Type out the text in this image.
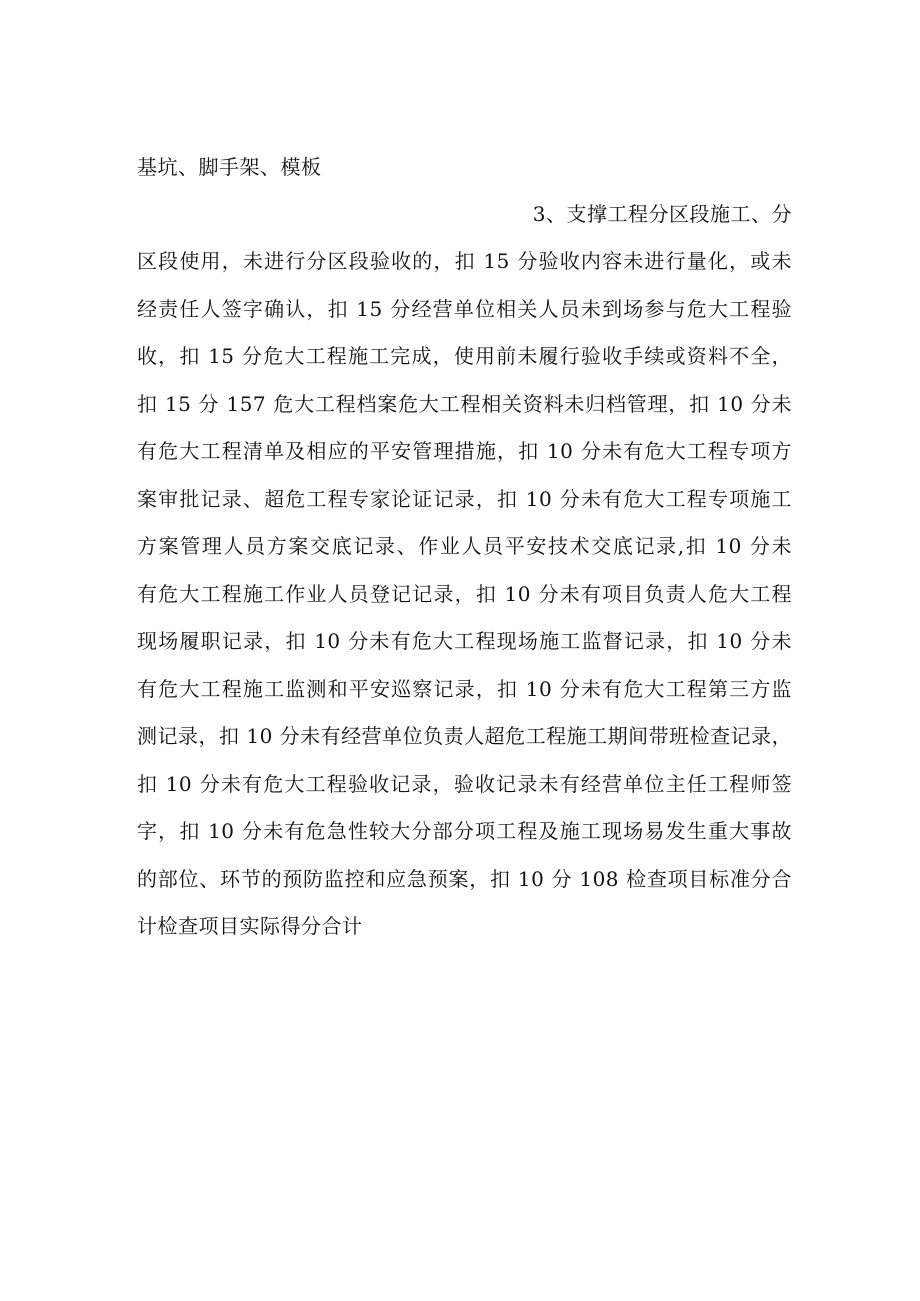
基坑、脚手架、模板
3、支撑工程分区段施工、分
区段使用，未进行分区段验收的，扣 15 分验收内容未进行量化，或未
经责任人签字确认，扣 15 分经营单位相关人员未到场参与危大工程验
收，扣 15 分危大工程施工完成，使用前未履行验收手续或资料不全，
扣 15 分 157 危大工程档案危大工程相关资料未归档管理，扣 10 分未
有危大工程清单及相应的平安管理措施，扣 10 分未有危大工程专项方
案审批记录、超危工程专家论证记录，扣 10 分未有危大工程专项施工
方案管理人员方案交底记录、作业人员平安技术交底记录,扣 10 分未
有危大工程施工作业人员登记记录，扣 10 分未有项目负责人危大工程
现场履职记录，扣 10 分未有危大工程现场施工监督记录，扣 10 分未
有危大工程施工监测和平安巡察记录，扣 10 分未有危大工程第三方监
测记录，扣 10 分未有经营单位负责人超危工程施工期间带班检查记录，
扣 10 分未有危大工程验收记录，验收记录未有经营单位主任工程师签
字，扣 10 分未有危急性较大分部分项工程及施工现场易发生重大事故
的部位、环节的预防监控和应急预案，扣 10 分 108 检查项目标准分合
计检查项目实际得分合计
